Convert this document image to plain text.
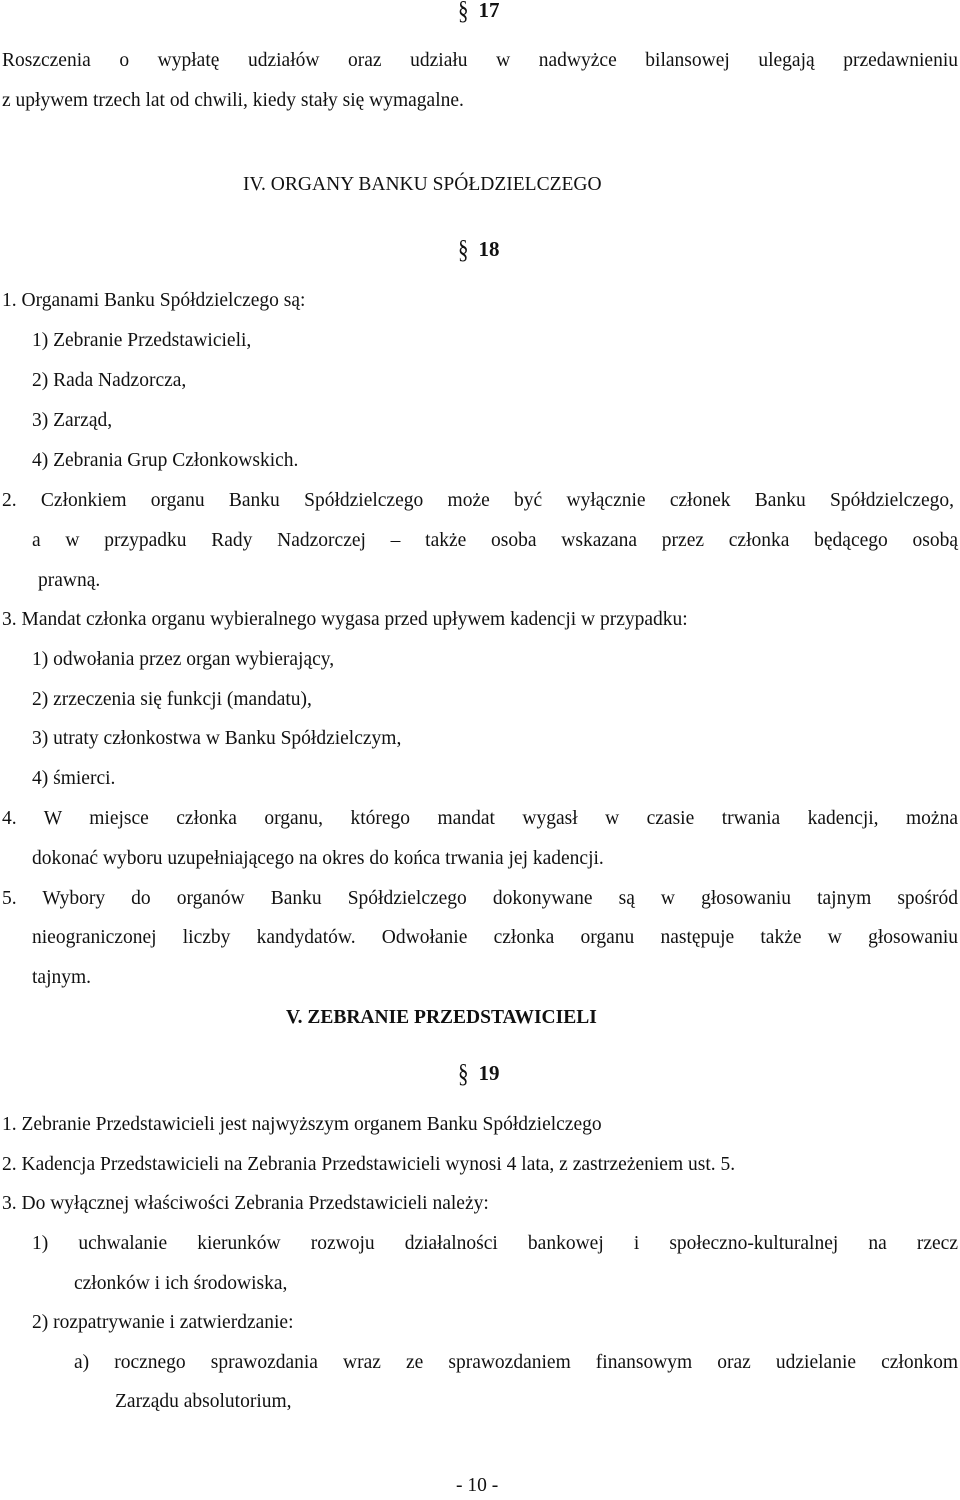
§ 17
Roszczenia o wypłatę udziałów oraz udziału w nadwyżce bilansowej ulegają przedawnieniu
z upływem trzech lat od chwili, kiedy stały się wymagalne.
IV. ORGANY BANKU SPÓŁDZIELCZEGO
§ 18
1. Organami Banku Spółdzielczego są:
1) Zebranie Przedstawicieli,
2) Rada Nadzorcza,
3) Zarząd,
4) Zebrania Grup Członkowskich.
2. Członkiem organu Banku Spółdzielczego może być wyłącznie członek Banku Spółdzielczego,
a w przypadku Rady Nadzorczej – także osoba wskazana przez członka będącego osobą
prawną.
3. Mandat członka organu wybieralnego wygasa przed upływem kadencji w przypadku:
1) odwołania przez organ wybierający,
2) zrzeczenia się funkcji (mandatu),
3) utraty członkostwa w Banku Spółdzielczym,
4) śmierci.
4. W miejsce członka organu, którego mandat wygasł w czasie trwania kadencji, można
dokonać wyboru uzupełniającego na okres do końca trwania jej kadencji.
5. Wybory do organów Banku Spółdzielczego dokonywane są w głosowaniu tajnym spośród
nieograniczonej liczby kandydatów. Odwołanie członka organu następuje także w głosowaniu
tajnym.
V. ZEBRANIE PRZEDSTAWICIELI
§ 19
1. Zebranie Przedstawicieli jest najwyższym organem Banku Spółdzielczego
2. Kadencja Przedstawicieli na Zebrania Przedstawicieli wynosi 4 lata, z zastrzeżeniem ust. 5.
3. Do wyłącznej właściwości Zebrania Przedstawicieli należy:
1) uchwalanie kierunków rozwoju działalności bankowej i społeczno-kulturalnej na rzecz
członków i ich środowiska,
2) rozpatrywanie i zatwierdzanie:
a) rocznego sprawozdania wraz ze sprawozdaniem finansowym oraz udzielanie członkom
Zarządu absolutorium,
- 10 -
